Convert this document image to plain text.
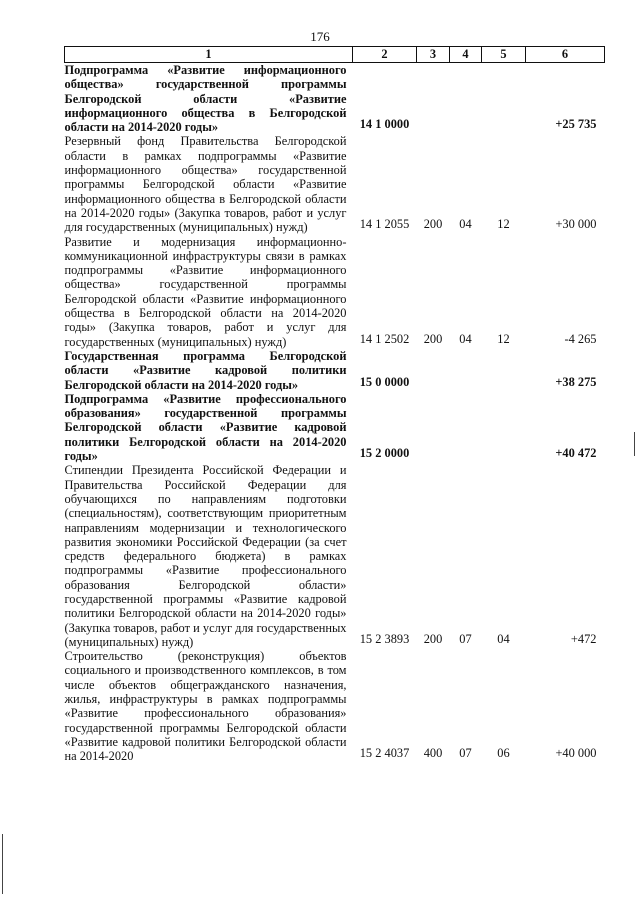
176
1	2	3	4	5	6
Подпрограмма «Развитие информационного общества» государственной программы Белгородской области «Развитие информационного общества в Белгородской области на 2014-2020 годы»	14 1 0000				+25 735
Резервный фонд Правительства Белгородской области в рамках подпрограммы «Развитие информационного общества» государственной программы Белгородской области «Развитие информационного общества в Белгородской области на 2014-2020 годы» (Закупка товаров, работ и услуг для государственных (муниципальных) нужд)	14 1 2055	200	04	12	+30 000
Развитие и модернизация информационно-коммуникационной инфраструктуры связи в рамках подпрограммы «Развитие информационного общества» государственной программы Белгородской области «Развитие информационного общества в Белгородской области на 2014-2020 годы» (Закупка товаров, работ и услуг для государственных (муниципальных) нужд)	14 1 2502	200	04	12	-4 265
Государственная программа Белгородской области «Развитие кадровой политики Белгородской области на 2014-2020 годы»	15 0 0000				+38 275
Подпрограмма «Развитие профессионального образования» государственной программы Белгородской области «Развитие кадровой политики Белгородской области на 2014-2020 годы»	15 2 0000				+40 472
Стипендии Президента Российской Федерации и Правительства Российской Федерации для обучающихся по направлениям подготовки (специальностям), соответствующим приоритетным направлениям модернизации и технологического развития экономики Российской Федерации (за счет средств федерального бюджета) в рамках подпрограммы «Развитие профессионального образования Белгородской области» государственной программы «Развитие кадровой политики Белгородской области на 2014-2020 годы» (Закупка товаров, работ и услуг для государственных (муниципальных) нужд)	15 2 3893	200	07	04	+472
Строительство (реконструкция) объектов социального и производственного комплексов, в том числе объектов общегражданского назначения, жилья, инфраструктуры в рамках подпрограммы «Развитие профессионального образования» государственной программы Белгородской области «Развитие кадровой политики Белгородской области на 2014-2020	15 2 4037	400	07	06	+40 000
